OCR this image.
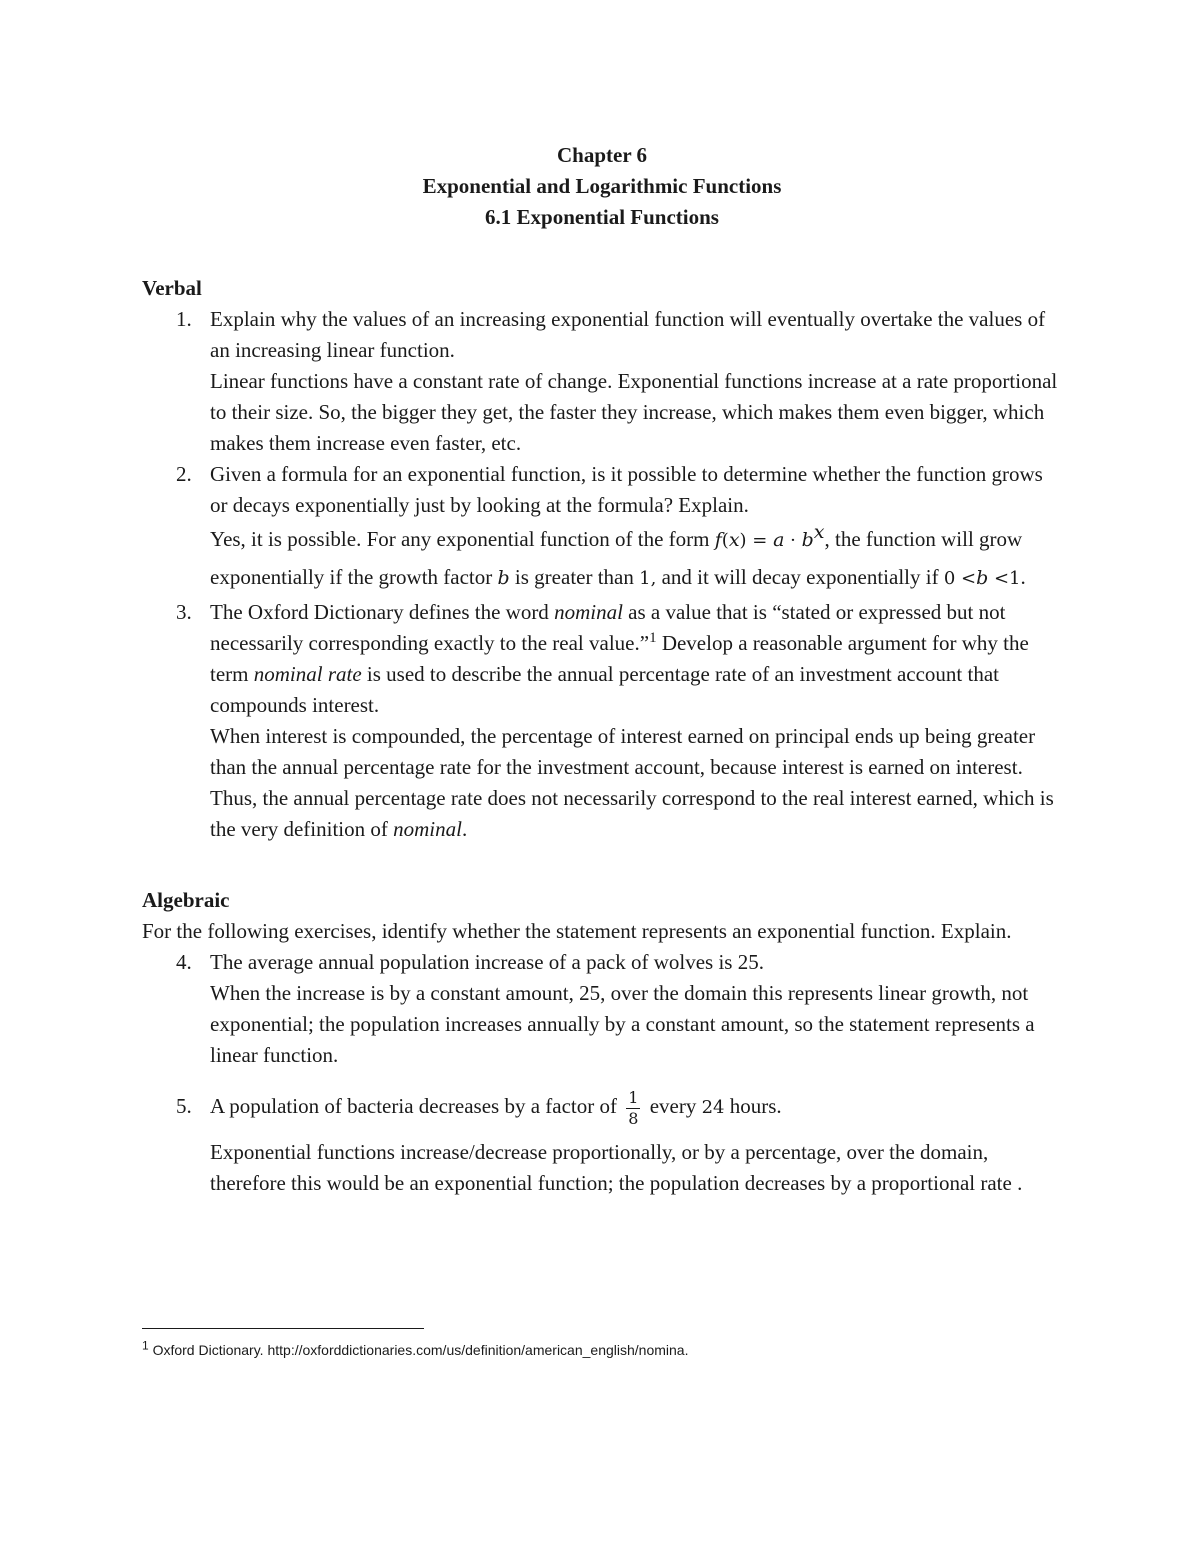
Chapter 6
Exponential and Logarithmic Functions
6.1 Exponential Functions
Verbal
1. Explain why the values of an increasing exponential function will eventually overtake the values of an increasing linear function.
Linear functions have a constant rate of change. Exponential functions increase at a rate proportional to their size. So, the bigger they get, the faster they increase, which makes them even bigger, which makes them increase even faster, etc.
2. Given a formula for an exponential function, is it possible to determine whether the function grows or decays exponentially just by looking at the formula? Explain.
Yes, it is possible. For any exponential function of the form $f(x) = a \cdot b^x$, the function will grow exponentially if the growth factor b is greater than 1, and it will decay exponentially if 0 <b <1.
3. The Oxford Dictionary defines the word nominal as a value that is “stated or expressed but not necessarily corresponding exactly to the real value.”$^1$ Develop a reasonable argument for why the term nominal rate is used to describe the annual percentage rate of an investment account that compounds interest.
When interest is compounded, the percentage of interest earned on principal ends up being greater than the annual percentage rate for the investment account, because interest is earned on interest. Thus, the annual percentage rate does not necessarily correspond to the real interest earned, which is the very definition of nominal.
Algebraic

For the following exercises, identify whether the statement represents an exponential function. Explain.

4. The average annual population increase of a pack of wolves is 25.
When the increase is by a constant amount, 25, over the domain this represents linear growth, not exponential; the population increases annually by a constant amount, so the statement represents a linear function.
5. A population of bacteria decreases by a factor of $\frac{1}{8}$ every 24 hours.
Exponential functions increase/decrease proportionally, or by a percentage, over the domain, therefore this would be an exponential function; the population decreases by a proportional rate .
$^1$ Oxford Dictionary. http://oxforddictionaries.com/us/definition/american_english/nomina.
